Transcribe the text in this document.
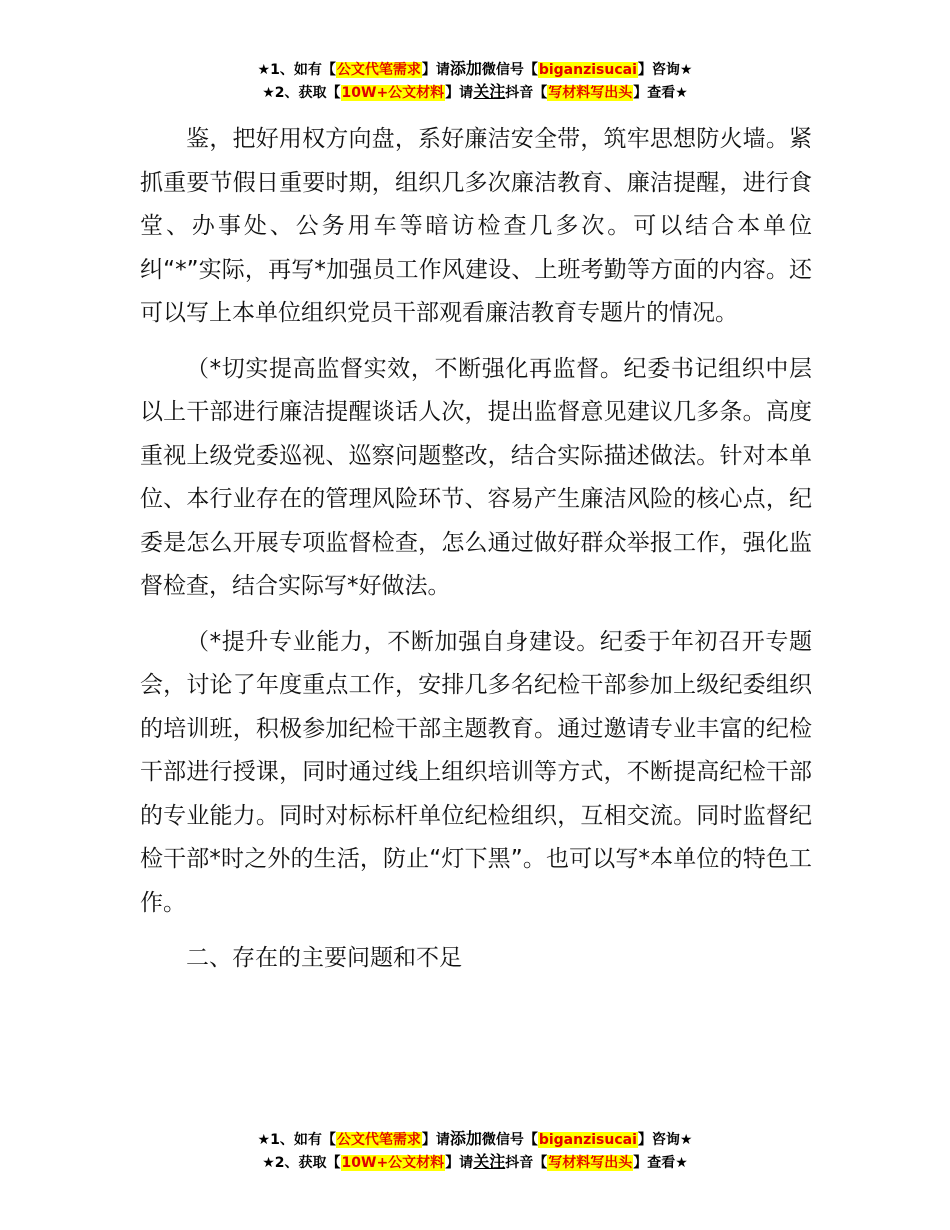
★1、如有【公文代笔需求】请添加微信号【biganzisucai】咨询★
★2、获取【10W+公文材料】请关注抖音【写材料写出头】查看★

鉴，把好用权方向盘，系好廉洁安全带，筑牢思想防火墙。紧抓重要节假日重要时期，组织几多次廉洁教育、廉洁提醒，进行食堂、办事处、公务用车等暗访检查几多次。可以结合本单位纠“*”实际，再写*加强员工作风建设、上班考勤等方面的内容。还可以写上本单位组织党员干部观看廉洁教育专题片的情况。

（*切实提高监督实效，不断强化再监督。纪委书记组织中层以上干部进行廉洁提醒谈话人次，提出监督意见建议几多条。高度重视上级党委巡视、巡察问题整改，结合实际描述做法。针对本单位、本行业存在的管理风险环节、容易产生廉洁风险的核心点，纪委是怎么开展专项监督检查，怎么通过做好群众举报工作，强化监督检查，结合实际写*好做法。

（*提升专业能力，不断加强自身建设。纪委于年初召开专题会，讨论了年度重点工作，安排几多名纪检干部参加上级纪委组织的培训班，积极参加纪检干部主题教育。通过邀请专业丰富的纪检干部进行授课，同时通过线上组织培训等方式，不断提高纪检干部的专业能力。同时对标标杆单位纪检组织，互相交流。同时监督纪检干部*时之外的生活，防止“灯下黑”。也可以写*本单位的特色工作。

二、存在的主要问题和不足

★1、如有【公文代笔需求】请添加微信号【biganzisucai】咨询★
★2、获取【10W+公文材料】请关注抖音【写材料写出头】查看★
